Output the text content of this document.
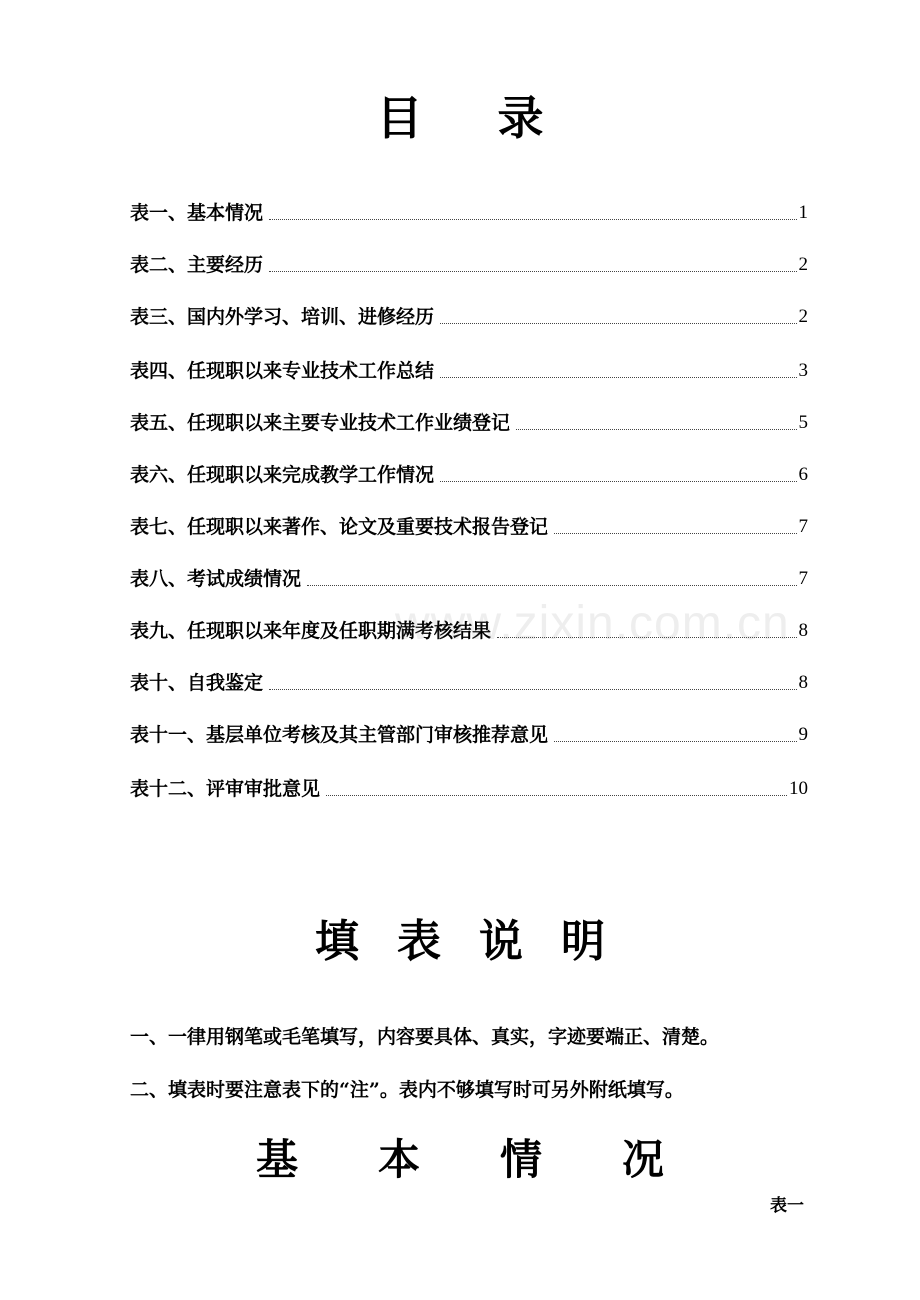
目录
表一、基本情况	1
表二、主要经历	2
表三、国内外学习、培训、进修经历	2
表四、任现职以来专业技术工作总结	3
表五、任现职以来主要专业技术工作业绩登记	5
表六、任现职以来完成教学工作情况	6
表七、任现职以来著作、论文及重要技术报告登记	7
表八、考试成绩情况	7
表九、任现职以来年度及任职期满考核结果	8
表十、自我鉴定	8
表十一、基层单位考核及其主管部门审核推荐意见	9
表十二、评审审批意见	10
www.zixin.com.cn
填表说明
一、一律用钢笔或毛笔填写，内容要具体、真实，字迹要端正、清楚。
二、填表时要注意表下的“注”。表内不够填写时可另外附纸填写。
基本情况
表一
